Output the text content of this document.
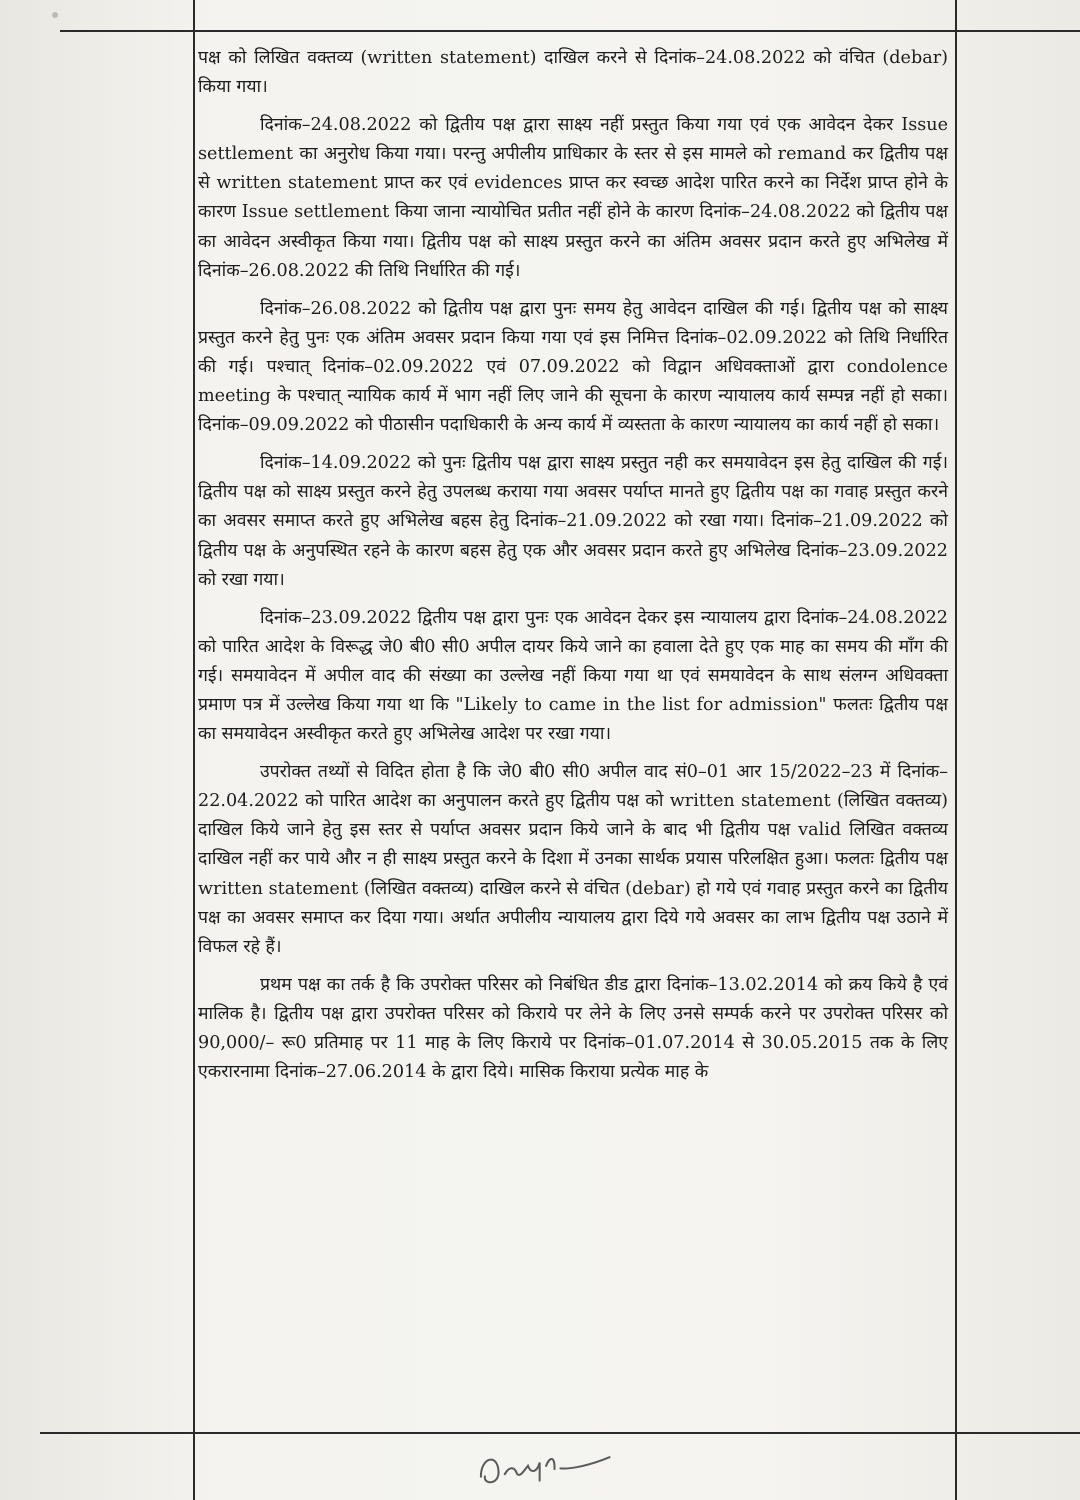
पक्ष को लिखित वक्तव्य (written statement) दाखिल करने से दिनांक–24.08.2022 को वंचित (debar) किया गया।

दिनांक–24.08.2022 को द्वितीय पक्ष द्वारा साक्ष्य नहीं प्रस्तुत किया गया एवं एक आवेदन देकर Issue settlement का अनुरोध किया गया। परन्तु अपीलीय प्राधिकार के स्तर से इस मामले को remand कर द्वितीय पक्ष से written statement प्राप्त कर एवं evidences प्राप्त कर स्वच्छ आदेश पारित करने का निर्देश प्राप्त होने के कारण Issue settlement किया जाना न्यायोचित प्रतीत नहीं होने के कारण दिनांक–24.08.2022 को द्वितीय पक्ष का आवेदन अस्वीकृत किया गया। द्वितीय पक्ष को साक्ष्य प्रस्तुत करने का अंतिम अवसर प्रदान करते हुए अभिलेख में दिनांक–26.08.2022 की तिथि निर्धारित की गई।

दिनांक–26.08.2022 को द्वितीय पक्ष द्वारा पुनः समय हेतु आवेदन दाखिल की गई। द्वितीय पक्ष को साक्ष्य प्रस्तुत करने हेतु पुनः एक अंतिम अवसर प्रदान किया गया एवं इस निमित्त दिनांक–02.09.2022 को तिथि निर्धारित की गई। पश्चात् दिनांक–02.09.2022 एवं 07.09.2022 को विद्वान अधिवक्ताओं द्वारा condolence meeting के पश्चात् न्यायिक कार्य में भाग नहीं लिए जाने की सूचना के कारण न्यायालय कार्य सम्पन्न नहीं हो सका। दिनांक–09.09.2022 को पीठासीन पदाधिकारी के अन्य कार्य में व्यस्तता के कारण न्यायालय का कार्य नहीं हो सका।

दिनांक–14.09.2022 को पुनः द्वितीय पक्ष द्वारा साक्ष्य प्रस्तुत नही कर समयावेदन इस हेतु दाखिल की गई। द्वितीय पक्ष को साक्ष्य प्रस्तुत करने हेतु उपलब्ध कराया गया अवसर पर्याप्त मानते हुए द्वितीय पक्ष का गवाह प्रस्तुत करने का अवसर समाप्त करते हुए अभिलेख बहस हेतु दिनांक–21.09.2022 को रखा गया। दिनांक–21.09.2022 को द्वितीय पक्ष के अनुपस्थित रहने के कारण बहस हेतु एक और अवसर प्रदान करते हुए अभिलेख दिनांक–23.09.2022 को रखा गया।

दिनांक–23.09.2022 द्वितीय पक्ष द्वारा पुनः एक आवेदन देकर इस न्यायालय द्वारा दिनांक–24.08.2022 को पारित आदेश के विरूद्ध जे0 बी0 सी0 अपील दायर किये जाने का हवाला देते हुए एक माह का समय की माँग की गई। समयावेदन में अपील वाद की संख्या का उल्लेख नहीं किया गया था एवं समयावेदन के साथ संलग्न अधिवक्ता प्रमाण पत्र में उल्लेख किया गया था कि "Likely to came in the list for admission" फलतः द्वितीय पक्ष का समयावेदन अस्वीकृत करते हुए अभिलेख आदेश पर रखा गया।

उपरोक्त तथ्यों से विदित होता है कि जे0 बी0 सी0 अपील वाद सं0–01 आर 15/2022–23 में दिनांक–22.04.2022 को पारित आदेश का अनुपालन करते हुए द्वितीय पक्ष को written statement (लिखित वक्तव्य) दाखिल किये जाने हेतु इस स्तर से पर्याप्त अवसर प्रदान किये जाने के बाद भी द्वितीय पक्ष valid लिखित वक्तव्य दाखिल नहीं कर पाये और न ही साक्ष्य प्रस्तुत करने के दिशा में उनका सार्थक प्रयास परिलक्षित हुआ। फलतः द्वितीय पक्ष written statement (लिखित वक्तव्य) दाखिल करने से वंचित (debar) हो गये एवं गवाह प्रस्तुत करने का द्वितीय पक्ष का अवसर समाप्त कर दिया गया। अर्थात अपीलीय न्यायालय द्वारा दिये गये अवसर का लाभ द्वितीय पक्ष उठाने में विफल रहे हैं।

प्रथम पक्ष का तर्क है कि उपरोक्त परिसर को निबंधित डीड द्वारा दिनांक–13.02.2014 को क्रय किये है एवं मालिक है। द्वितीय पक्ष द्वारा उपरोक्त परिसर को किराये पर लेने के लिए उनसे सम्पर्क करने पर उपरोक्त परिसर को 90,000/– रू0 प्रतिमाह पर 11 माह के लिए किराये पर दिनांक–01.07.2014 से 30.05.2015 तक के लिए एकरारनामा दिनांक–27.06.2014 के द्वारा दिये। मासिक किराया प्रत्येक माह के
